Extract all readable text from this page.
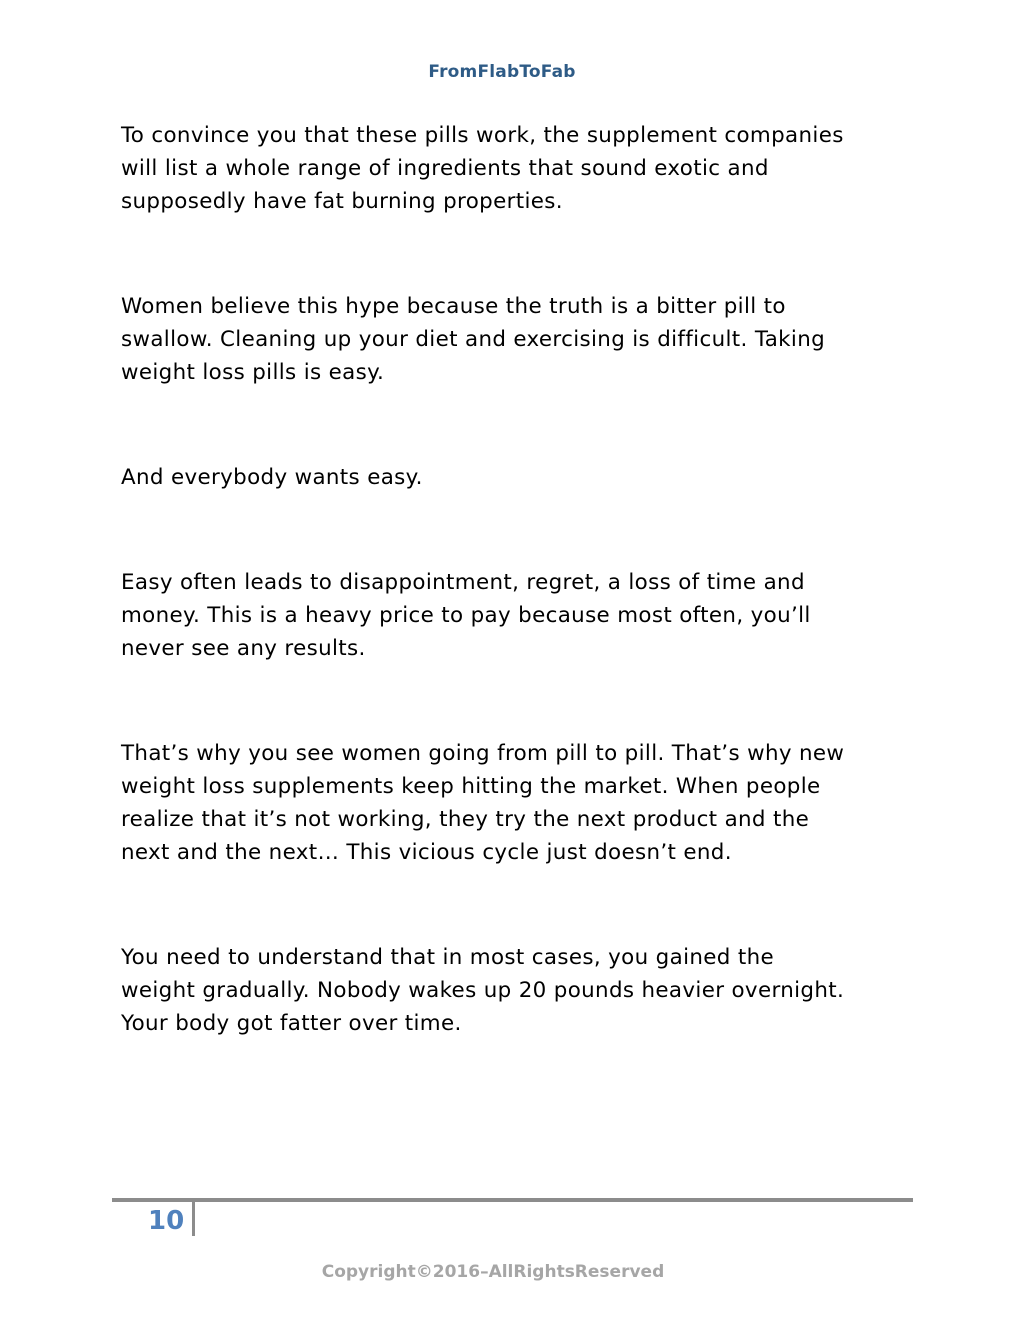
FromFlabToFab

To convince you that these pills work, the supplement companies
will list a whole range of ingredients that sound exotic and
supposedly have fat burning properties.

Women believe this hype because the truth is a bitter pill to
swallow. Cleaning up your diet and exercising is difficult. Taking
weight loss pills is easy.

And everybody wants easy.

Easy often leads to disappointment, regret, a loss of time and
money. This is a heavy price to pay because most often, you’ll
never see any results.

That’s why you see women going from pill to pill. That’s why new
weight loss supplements keep hitting the market. When people
realize that it’s not working, they try the next product and the
next and the next… This vicious cycle just doesn’t end.

You need to understand that in most cases, you gained the
weight gradually. Nobody wakes up 20 pounds heavier overnight.
Your body got fatter over time.

10
Copyright©2016–AllRightsReserved
